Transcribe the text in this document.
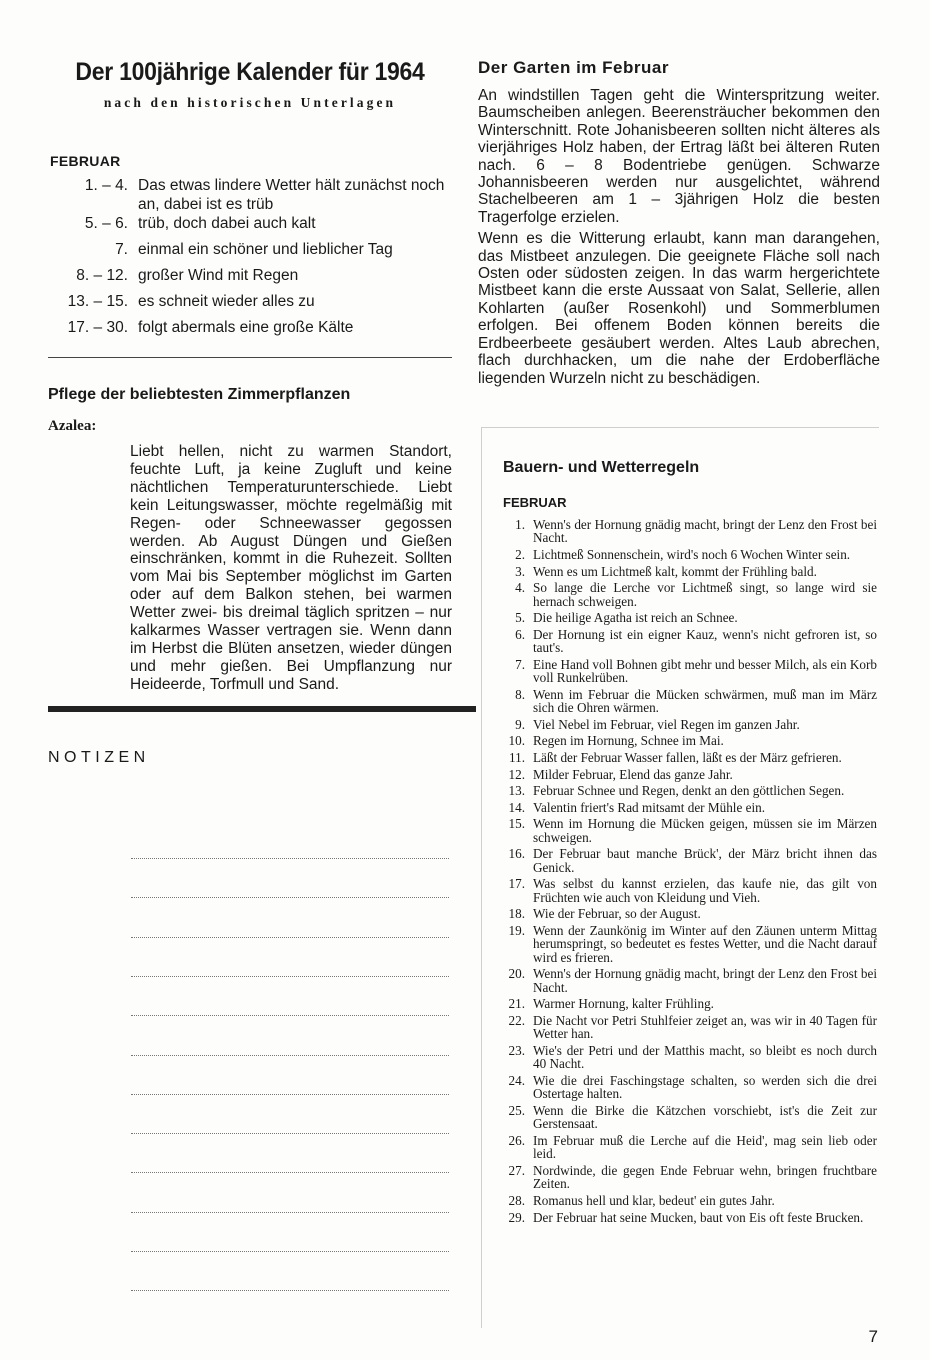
Der 100jährige Kalender für 1964
nach den historischen Unterlagen
FEBRUAR
1. – 4.	Das etwas lindere Wetter hält zunächst noch an, dabei ist es trüb
5. – 6.	trüb, doch dabei auch kalt
7.	einmal ein schöner und lieblicher Tag
8. – 12.	großer Wind mit Regen
13. – 15.	es schneit wieder alles zu
17. – 30.	folgt abermals eine große Kälte
Pflege der beliebtesten Zimmerpflanzen
Azalea:
Liebt hellen, nicht zu warmen Standort, feuchte Luft, ja keine Zugluft und keine nächtlichen Temperaturunterschiede. Liebt kein Leitungswasser, möchte regelmäßig mit Regen- oder Schneewasser gegossen werden. Ab August Düngen und Gießen einschränken, kommt in die Ruhezeit. Sollten vom Mai bis September möglichst im Garten oder auf dem Balkon stehen, bei warmen Wetter zwei- bis dreimal täglich spritzen – nur kalkarmes Wasser vertragen sie. Wenn dann im Herbst die Blüten ansetzen, wieder düngen und mehr gießen. Bei Umpflanzung nur Heideerde, Torfmull und Sand.
NOTIZEN
Der Garten im Februar

An windstillen Tagen geht die Winterspritzung weiter. Baumscheiben anlegen. Beerensträucher bekommen den Winterschnitt. Rote Johanisbeeren sollten nicht älteres als vierjähriges Holz haben, der Ertrag läßt bei älteren Ruten nach. 6 – 8 Bodentriebe genügen. Schwarze Johannisbeeren werden nur ausgelichtet, während Stachelbeeren am 1 – 3jährigen Holz die besten Tragerfolge erzielen.

Wenn es die Witterung erlaubt, kann man darangehen, das Mistbeet anzulegen. Die geeignete Fläche soll nach Osten oder südosten zeigen. In das warm hergerichtete Mistbeet kann die erste Aussaat von Salat, Sellerie, allen Kohlarten (außer Rosenkohl) und Sommerblumen erfolgen. Bei offenem Boden können bereits die Erdbeerbeete gesäubert werden. Altes Laub abrechen, flach durchhacken, um die nahe der Erdoberfläche liegenden Wurzeln nicht zu beschädigen.

Bauern- und Wetterregeln
FEBRUAR
1. Wenn's der Hornung gnädig macht, bringt der Lenz den Frost bei Nacht.
2. Lichtmeß Sonnenschein, wird's noch 6 Wochen Winter sein.
3. Wenn es um Lichtmeß kalt, kommt der Frühling bald.
4. So lange die Lerche vor Lichtmeß singt, so lange wird sie hernach schweigen.
5. Die heilige Agatha ist reich an Schnee.
6. Der Hornung ist ein eigner Kauz, wenn's nicht gefroren ist, so taut's.
7. Eine Hand voll Bohnen gibt mehr und besser Milch, als ein Korb voll Runkelrüben.
8. Wenn im Februar die Mücken schwärmen, muß man im März sich die Ohren wärmen.
9. Viel Nebel im Februar, viel Regen im ganzen Jahr.
10. Regen im Hornung, Schnee im Mai.
11. Läßt der Februar Wasser fallen, läßt es der März gefrieren.
12. Milder Februar, Elend das ganze Jahr.
13. Februar Schnee und Regen, denkt an den göttlichen Segen.
14. Valentin friert's Rad mitsamt der Mühle ein.
15. Wenn im Hornung die Mücken geigen, müssen sie im Märzen schweigen.
16. Der Februar baut manche Brück', der März bricht ihnen das Genick.
17. Was selbst du kannst erzielen, das kaufe nie, das gilt von Früchten wie auch von Kleidung und Vieh.
18. Wie der Februar, so der August.
19. Wenn der Zaunkönig im Winter auf den Zäunen unterm Mittag herumspringt, so bedeutet es festes Wetter, und die Nacht darauf wird es frieren.
20. Wenn's der Hornung gnädig macht, bringt der Lenz den Frost bei Nacht.
21. Warmer Hornung, kalter Frühling.
22. Die Nacht vor Petri Stuhlfeier zeiget an, was wir in 40 Tagen für Wetter han.
23. Wie's der Petri und der Matthis macht, so bleibt es noch durch 40 Nacht.
24. Wie die drei Faschingstage schalten, so werden sich die drei Ostertage halten.
25. Wenn die Birke die Kätzchen vorschiebt, ist's die Zeit zur Gerstensaat.
26. Im Februar muß die Lerche auf die Heid', mag sein lieb oder leid.
27. Nordwinde, die gegen Ende Februar wehn, bringen fruchtbare Zeiten.
28. Romanus hell und klar, bedeut' ein gutes Jahr.
29. Der Februar hat seine Mucken, baut von Eis oft feste Brucken.
7
